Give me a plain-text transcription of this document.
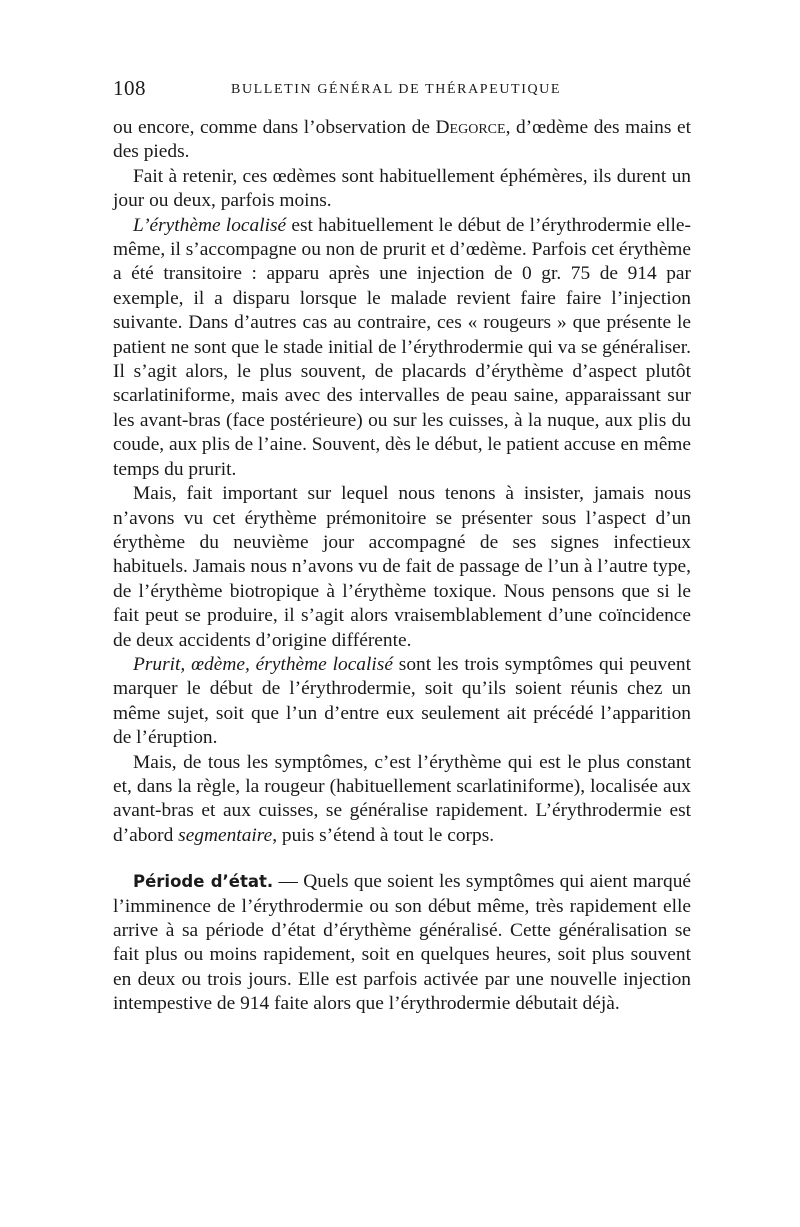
108	BULLETIN GÉNÉRAL DE THÉRAPEUTIQUE

ou encore, comme dans l’observation de Degorce, d’œdème des mains et des pieds.

Fait à retenir, ces œdèmes sont habituellement éphémères, ils durent un jour ou deux, parfois moins.

L’érythème localisé est habituellement le début de l’érythrodermie elle-même, il s’accompagne ou non de prurit et d’œdème. Parfois cet érythème a été transitoire : apparu après une injection de 0 gr. 75 de 914 par exemple, il a disparu lorsque le malade revient faire faire l’injection suivante. Dans d’autres cas au contraire, ces « rougeurs » que présente le patient ne sont que le stade initial de l’érythrodermie qui va se généraliser. Il s’agit alors, le plus souvent, de placards d’érythème d’aspect plutôt scarlatiniforme, mais avec des intervalles de peau saine, apparaissant sur les avant-bras (face postérieure) ou sur les cuisses, à la nuque, aux plis du coude, aux plis de l’aine. Souvent, dès le début, le patient accuse en même temps du prurit.

Mais, fait important sur lequel nous tenons à insister, jamais nous n’avons vu cet érythème prémonitoire se présenter sous l’aspect d’un érythème du neuvième jour accompagné de ses signes infectieux habituels. Jamais nous n’avons vu de fait de passage de l’un à l’autre type, de l’érythème biotropique à l’érythème toxique. Nous pensons que si le fait peut se produire, il s’agit alors vraisemblablement d’une coïncidence de deux accidents d’origine différente.

Prurit, œdème, érythème localisé sont les trois symptômes qui peuvent marquer le début de l’érythrodermie, soit qu’ils soient réunis chez un même sujet, soit que l’un d’entre eux seulement ait précédé l’apparition de l’éruption.

Mais, de tous les symptômes, c’est l’érythème qui est le plus constant et, dans la règle, la rougeur (habituellement scarlatiniforme), localisée aux avant-bras et aux cuisses, se généralise rapidement. L’érythrodermie est d’abord segmentaire, puis s’étend à tout le corps.

Période d’état. — Quels que soient les symptômes qui aient marqué l’imminence de l’érythrodermie ou son début même, très rapidement elle arrive à sa période d’état d’érythème généralisé. Cette généralisation se fait plus ou moins rapidement, soit en quelques heures, soit plus souvent en deux ou trois jours. Elle est parfois activée par une nouvelle injection intempestive de 914 faite alors que l’érythrodermie débutait déjà.
